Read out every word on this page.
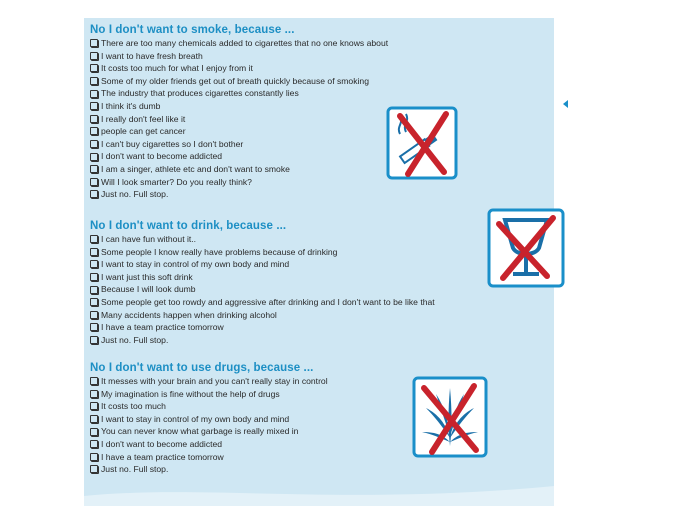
No I don't want to smoke, because ...
There are too many chemicals added to cigarettes that no one knows about
I want to have fresh breath
It costs too much for what I enjoy from it
Some of my older friends get out of breath quickly because of smoking
The industry that produces cigarettes constantly lies
I think it's dumb
I really don't feel like it
people can get cancer
I can't buy cigarettes so I don't bother
I don't want to become addicted
I am a singer, athlete etc and don't want to smoke
Will I look smarter? Do you really think?
Just no. Full stop.
No I don't want to drink, because ...
I can have fun without it..
Some people I know really have problems because of drinking
I want to stay in control of my own body and mind
I want just this soft drink
Because I will look dumb
Some people get too rowdy and aggressive after drinking and I don't want to be like that
Many accidents happen when drinking alcohol
I have a team practice tomorrow
Just no. Full stop.
No I don't want to use drugs, because ...
It messes with your brain and you can't really stay in control
My imagination is fine without the help of drugs
It costs too much
I want to stay in control of my own body and mind
You can never know what garbage is really mixed in
I don't want to become addicted
I have a team practice tomorrow
Just no. Full stop.
